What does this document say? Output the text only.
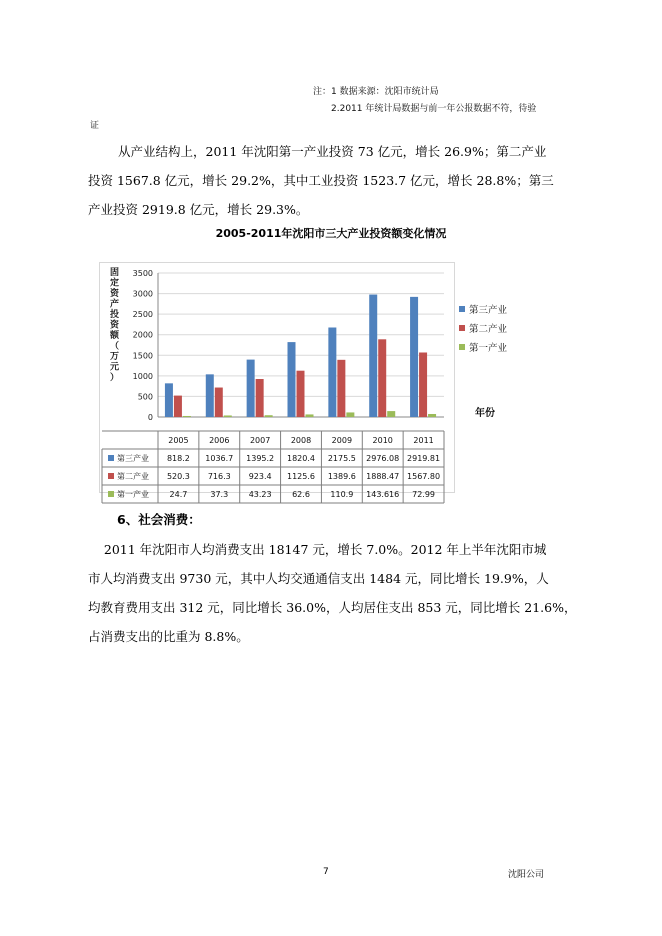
注：1 数据来源：沈阳市统计局
2.2011 年统计局数据与前一年公报数据不符，待验
证
从产业结构上，2011 年沈阳第一产业投资 73 亿元，增长 26.9%；第二产业
投资 1567.8 亿元，增长 29.2%，其中工业投资 1523.7 亿元，增长 28.8%；第三
产业投资 2919.8 亿元，增长 29.3%。
2005-2011年沈阳市三大产业投资额变化情况
0
500
1000
1500
2000
2500
3000
3500
固定资产投资额（万元）
2005	2006	2007	2008	2009	2010	2011
第三产业 818.2 1036.7 1395.2 1820.4 2175.5 2976.08 2919.81
第二产业 520.3 716.3 923.4 1125.6 1389.6 1888.47 1567.80
第一产业	24.7	37.3	43.23	62.6	110.9 143.616 72.99
6、社会消费：
2011 年沈阳市人均消费支出 18147 元，增长 7.0%。2012 年上半年沈阳市城
市人均消费支出 9730 元，其中人均交通通信支出 1484 元，同比增长 19.9%，人
均教育费用支出 312 元，同比增长 36.0%，人均居住支出 853 元，同比增长 21.6%，
占消费支出的比重为 8.8%。
7	沈阳公司
第三产业
第二产业
第一产业
年份
